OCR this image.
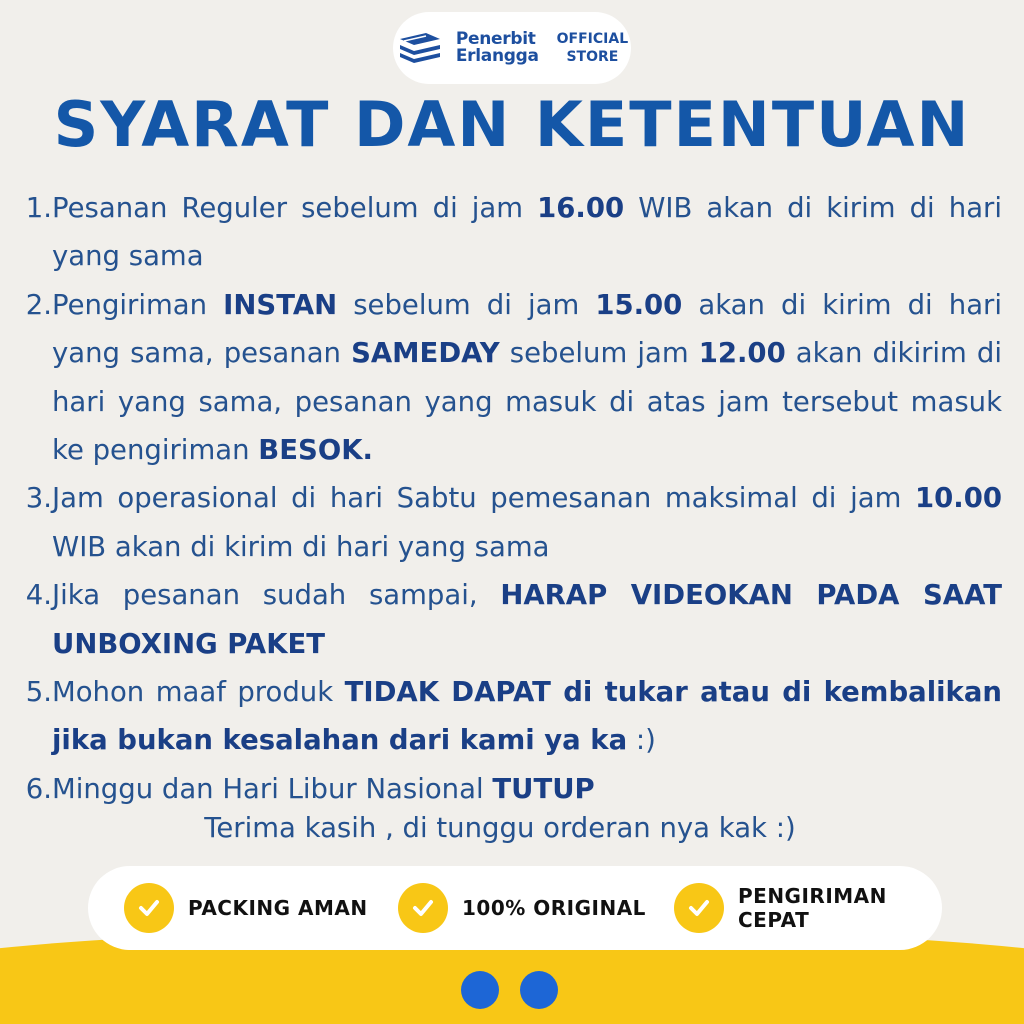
Penerbit
Erlangga
OFFICIAL
STORE
SYARAT DAN KETENTUAN
1. Pesanan Reguler sebelum di jam 16.00 WIB akan di kirim di hari yang sama
2. Pengiriman INSTAN sebelum di jam 15.00 akan di kirim di hari yang sama, pesanan SAMEDAY sebelum jam 12.00 akan dikirim di hari yang sama, pesanan yang masuk di atas jam tersebut masuk ke pengiriman BESOK.
3. Jam operasional di hari Sabtu pemesanan maksimal di jam 10.00 WIB akan di kirim di hari yang sama
4. Jika pesanan sudah sampai, HARAP VIDEOKAN PADA SAAT UNBOXING PAKET
5. Mohon maaf produk TIDAK DAPAT di tukar atau di kembalikan jika bukan kesalahan dari kami ya ka :)
6. Minggu dan Hari Libur Nasional TUTUP
Terima kasih , di tunggu orderan nya kak :)
PACKING AMAN	100% ORIGINAL	PENGIRIMAN
CEPAT
